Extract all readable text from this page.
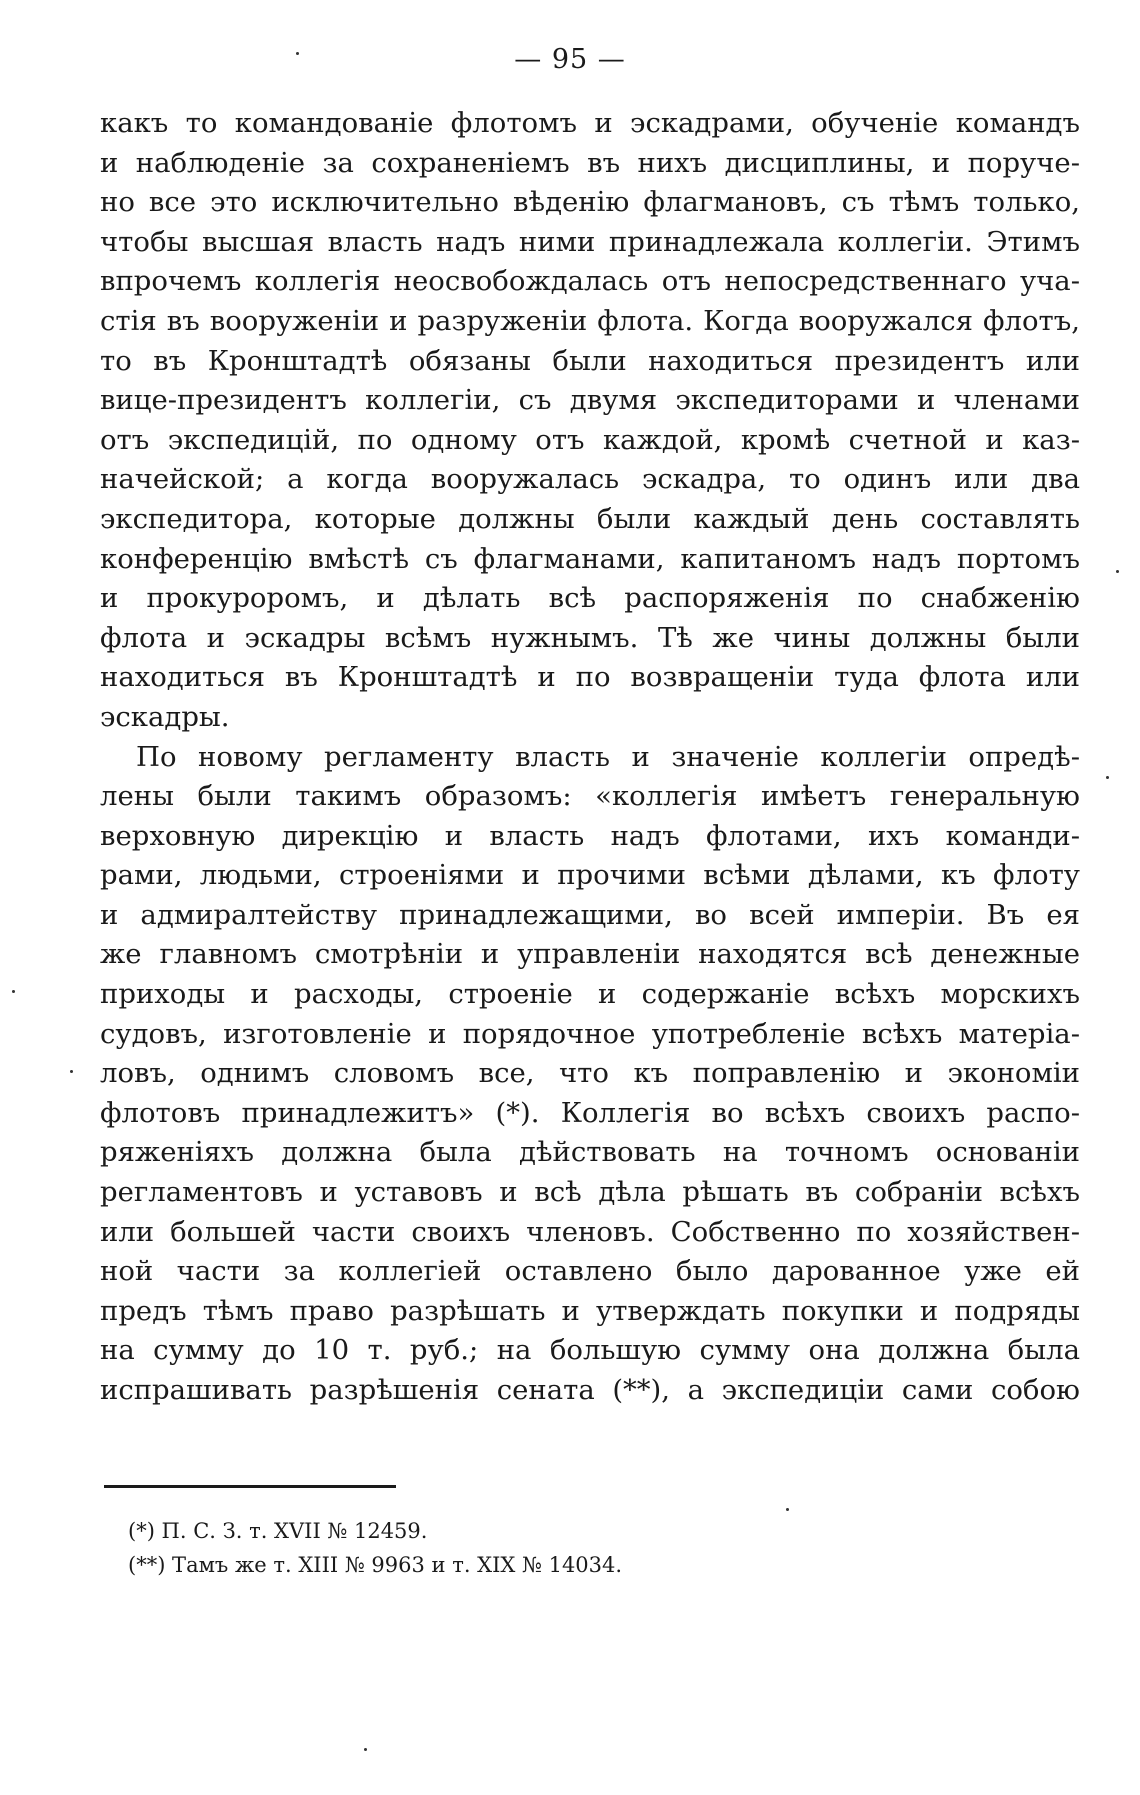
— 95 —
какъ то командованіе флотомъ и эскадрами, обученіе командъ
и наблюденіе за сохраненіемъ въ нихъ дисциплины, и поруче-
но все это исключительно вѣденію флагмановъ, съ тѣмъ только,
чтобы высшая власть надъ ними принадлежала коллегіи. Этимъ
впрочемъ коллегія неосвобождалась отъ непосредственнаго уча-
стія въ вооруженіи и разруженіи флота. Когда вооружался флотъ,
то въ Кронштадтѣ обязаны были находиться президентъ или
вице-президентъ коллегіи, съ двумя экспедиторами и членами
отъ экспедицій, по одному отъ каждой, кромѣ счетной и каз-
начейской; а когда вооружалась эскадра, то одинъ или два
экспедитора, которые должны были каждый день составлять
конференцію вмѣстѣ съ флагманами, капитаномъ надъ портомъ
и прокуроромъ, и дѣлать всѣ распоряженія по снабженію
флота и эскадры всѣмъ нужнымъ. Тѣ же чины должны были
находиться въ Кронштадтѣ и по возвращеніи туда флота или
эскадры.
По новому регламенту власть и значеніе коллегіи опредѣ-
лены были такимъ образомъ: «коллегія имѣетъ генеральную
верховную дирекцію и власть надъ флотами, ихъ команди-
рами, людьми, строеніями и прочими всѣми дѣлами, къ флоту
и адмиралтейству принадлежащими, во всей имперіи. Въ ея
же главномъ смотрѣніи и управленіи находятся всѣ денежные
приходы и расходы, строеніе и содержаніе всѣхъ морскихъ
судовъ, изготовленіе и порядочное употребленіе всѣхъ матеріа-
ловъ, однимъ словомъ все, что къ поправленію и экономіи
флотовъ принадлежитъ» (*). Коллегія во всѣхъ своихъ распо-
ряженіяхъ должна была дѣйствовать на точномъ основаніи
регламентовъ и уставовъ и всѣ дѣла рѣшать въ собраніи всѣхъ
или большей части своихъ членовъ. Собственно по хозяйствен-
ной части за коллегіей оставлено было дарованное уже ей
предъ тѣмъ право разрѣшать и утверждать покупки и подряды
на сумму до 10 т. руб.; на большую сумму она должна была
испрашивать разрѣшенія сената (**), а экспедиціи сами собою
(*) П. С. З. т. XVII № 12459.
(**) Тамъ же т. XIII № 9963 и т. XIX № 14034.
